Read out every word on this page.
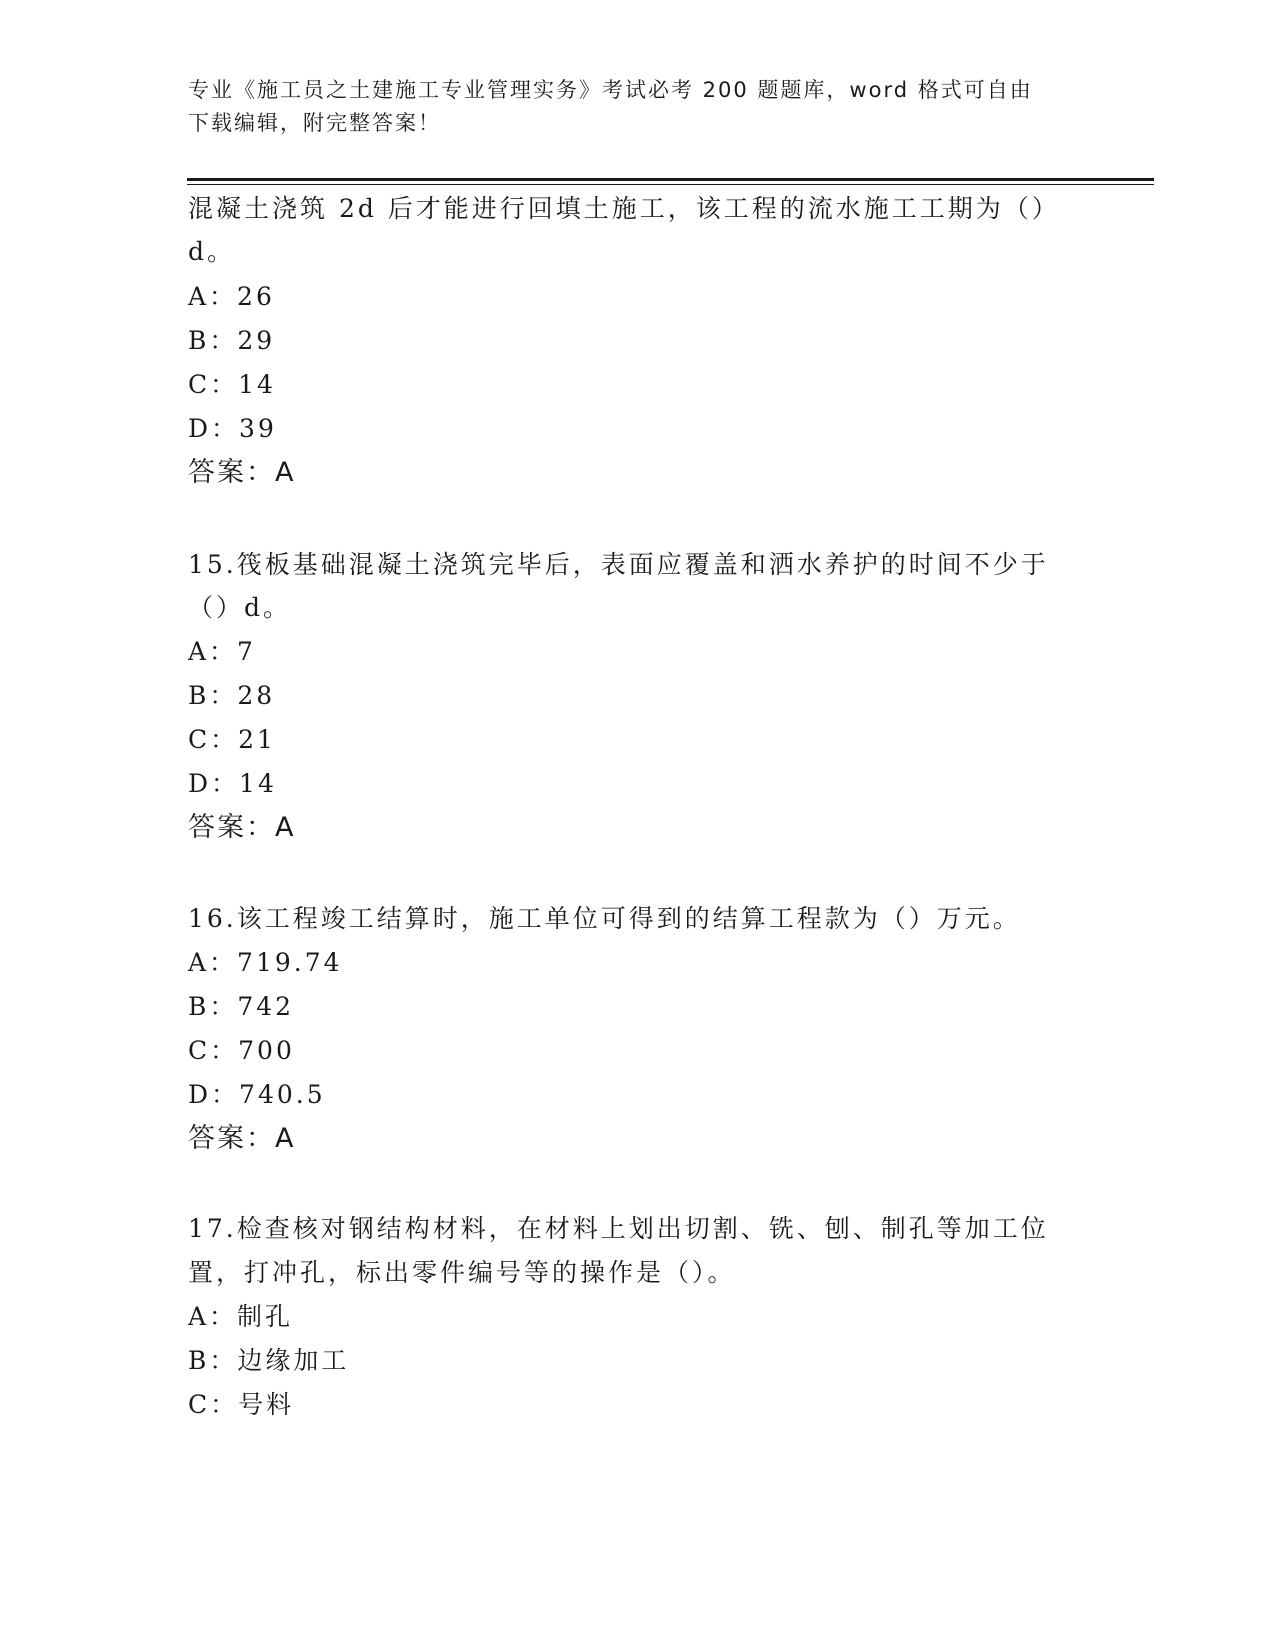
专业《施工员之土建施工专业管理实务》考试必考 200 题题库，word 格式可自由
下载编辑，附完整答案！
混凝土浇筑 2d 后才能进行回填土施工，该工程的流水施工工期为（）
d。
A：26
B：29
C：14
D：39
答案：A
15.筏板基础混凝土浇筑完毕后，表面应覆盖和洒水养护的时间不少于
（）d。
A：7
B：28
C：21
D：14
答案：A
16.该工程竣工结算时，施工单位可得到的结算工程款为（）万元。
A：719.74
B：742
C：700
D：740.5
答案：A
17.检查核对钢结构材料，在材料上划出切割、铣、刨、制孔等加工位
置，打冲孔，标出零件编号等的操作是（）。
A：制孔
B：边缘加工
C：号料
